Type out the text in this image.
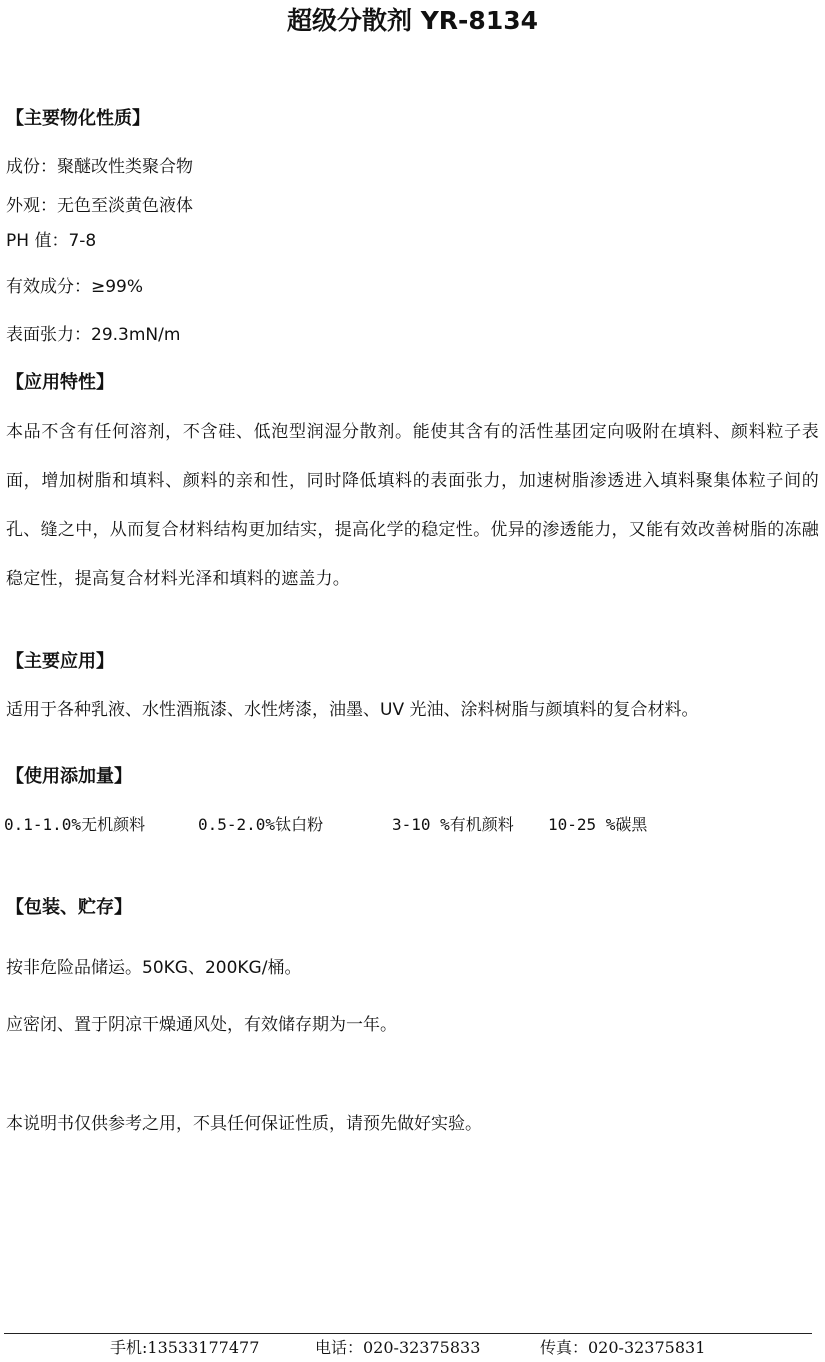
超级分散剂 YR-8134
【主要物化性质】
成份：聚醚改性类聚合物
外观：无色至淡黄色液体
PH 值：7-8
有效成分：≥99%
表面张力：29.3mN/m
【应用特性】
本品不含有任何溶剂，不含硅、低泡型润湿分散剂。能使其含有的活性基团定向吸附在填料、颜料粒子表面，增加树脂和填料、颜料的亲和性，同时降低填料的表面张力，加速树脂渗透进入填料聚集体粒子间的孔、缝之中，从而复合材料结构更加结实，提高化学的稳定性。优异的渗透能力，又能有效改善树脂的冻融稳定性，提高复合材料光泽和填料的遮盖力。
【主要应用】
适用于各种乳液、水性酒瓶漆、水性烤漆，油墨、UV 光油、涂料树脂与颜填料的复合材料。
【使用添加量】
0.1-1.0%无机颜料	0.5-2.0%钛白粉	3-10 %有机颜料 10-25 %碳黑
【包装、贮存】
按非危险品储运。50KG、200KG/桶。
应密闭、置于阴凉干燥通风处，有效储存期为一年。
本说明书仅供参考之用，不具任何保证性质，请预先做好实验。
手机:13533177477	电话：020-32375833	传真：020-32375831
